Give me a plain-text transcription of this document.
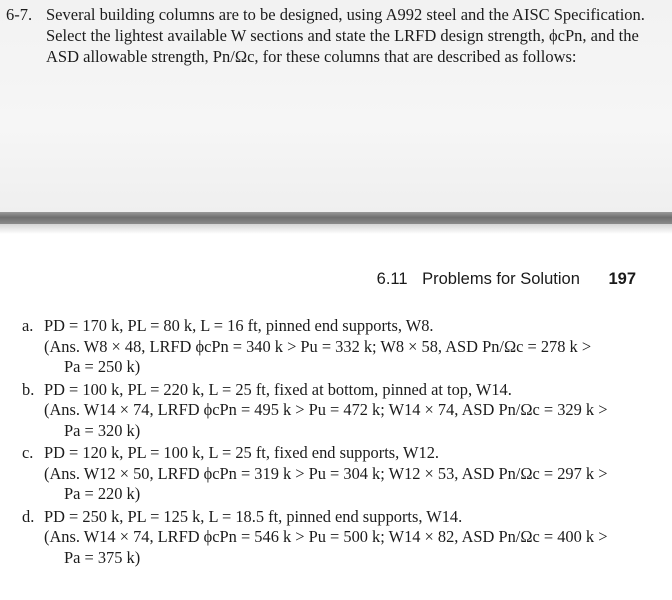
6-7. Several building columns are to be designed, using A992 steel and the AISC Specification. Select the lightest available W sections and state the LRFD design strength, ϕcPn, and the ASD allowable strength, Pn/Ωc, for these columns that are described as follows:
6.11 Problems for Solution 197
a. PD = 170 k, PL = 80 k, L = 16 ft, pinned end supports, W8.
(Ans. W8 × 48, LRFD ϕcPn = 340 k > Pu = 332 k; W8 × 58, ASD Pn/Ωc = 278 k >
Pa = 250 k)
b. PD = 100 k, PL = 220 k, L = 25 ft, fixed at bottom, pinned at top, W14.
(Ans. W14 × 74, LRFD ϕcPn = 495 k > Pu = 472 k; W14 × 74, ASD Pn/Ωc = 329 k >
Pa = 320 k)
c. PD = 120 k, PL = 100 k, L = 25 ft, fixed end supports, W12.
(Ans. W12 × 50, LRFD ϕcPn = 319 k > Pu = 304 k; W12 × 53, ASD Pn/Ωc = 297 k >
Pa = 220 k)
d. PD = 250 k, PL = 125 k, L = 18.5 ft, pinned end supports, W14.
(Ans. W14 × 74, LRFD ϕcPn = 546 k > Pu = 500 k; W14 × 82, ASD Pn/Ωc = 400 k >
Pa = 375 k)
